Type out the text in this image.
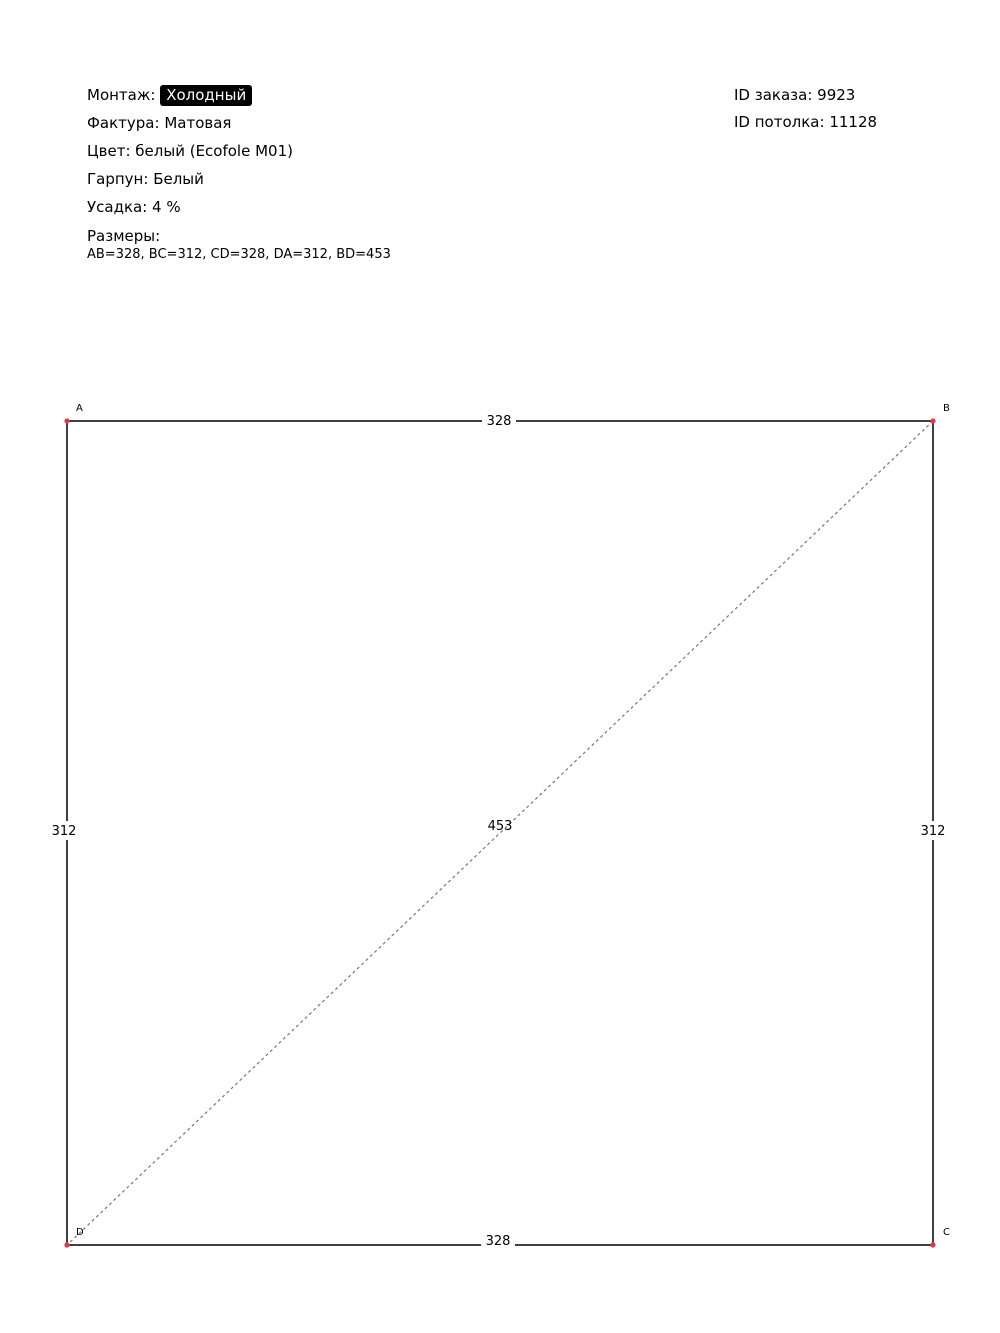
Монтаж: Холодный
Фактура: Матовая
Цвет: белый (Ecofole M01)
Гарпун: Белый
Усадка: 4 %
Размеры:
AB=328, BC=312, CD=328, DA=312, BD=453
ID заказа: 9923
ID потолка: 11128
A	B
C
D
328
312
328
312	453
